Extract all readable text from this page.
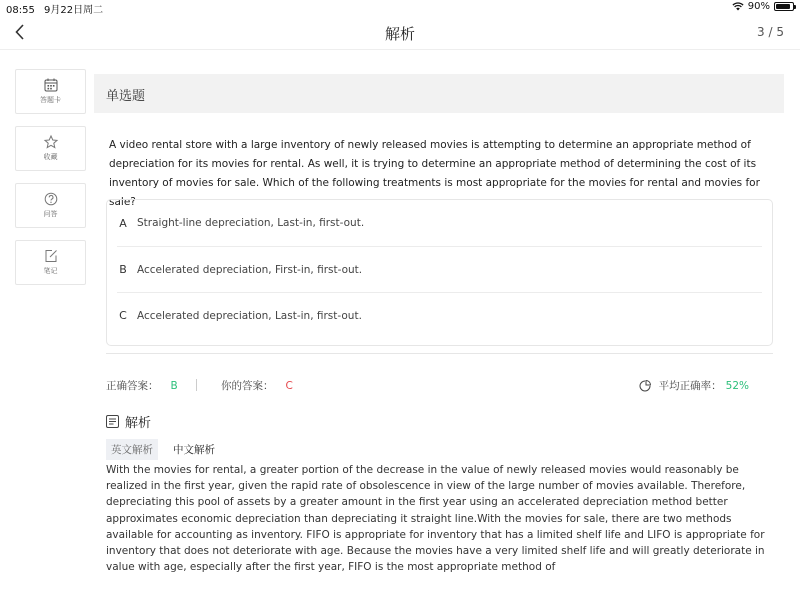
08:55 9月22日周二	90%
解析	3 / 5
答题卡
收藏
问答
笔记
单选题
A video rental store with a large inventory of newly released movies is attempting to determine an appropriate method of depreciation for its movies for rental. As well, it is trying to determine an appropriate method of determining the cost of its inventory of movies for sale. Which of the following treatments is most appropriate for the movies for rental and movies for sale?
A Straight-line depreciation, Last-in, first-out.
B Accelerated depreciation, First-in, first-out.
C Accelerated depreciation, Last-in, first-out.
正确答案： B	你的答案： C	平均正确率： 52%
解析
英文解析	中文解析
With the movies for rental, a greater portion of the decrease in the value of newly released movies would reasonably be realized in the first year, given the rapid rate of obsolescence in view of the large number of movies available. Therefore, depreciating this pool of assets by a greater amount in the first year using an accelerated depreciation method better approximates economic depreciation than depreciating it straight line.With the movies for sale, there are two methods available for accounting as inventory. FIFO is appropriate for inventory that has a limited shelf life and LIFO is appropriate for inventory that does not deteriorate with age. Because the movies have a very limited shelf life and will greatly deteriorate in value with age, especially after the first year, FIFO is the most appropriate method of
